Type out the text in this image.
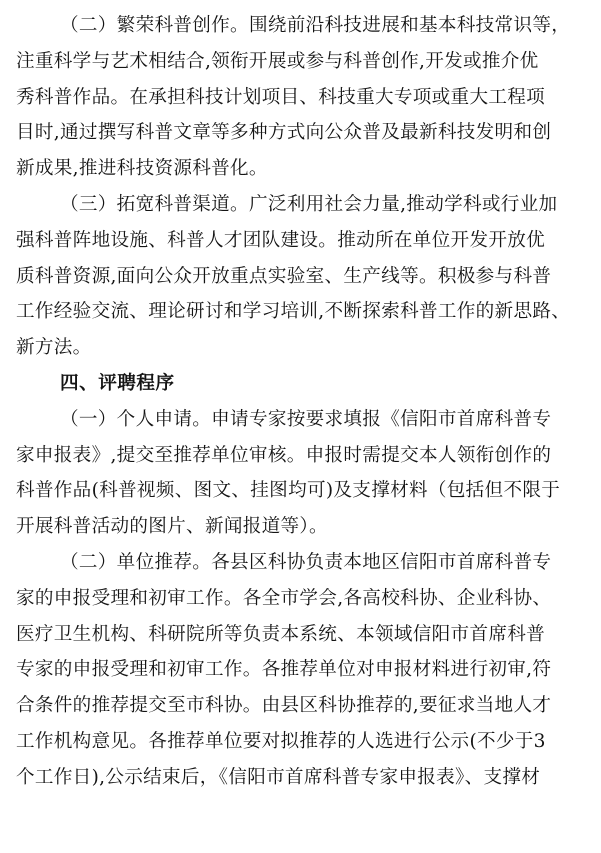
（二）繁荣科普创作。围绕前沿科技进展和基本科技常识等，
注重科学与艺术相结合,领衔开展或参与科普创作,开发或推介优
秀科普作品。在承担科技计划项目、科技重大专项或重大工程项
目时,通过撰写科普文章等多种方式向公众普及最新科技发明和创
新成果,推进科技资源科普化。

（三）拓宽科普渠道。广泛利用社会力量,推动学科或行业加
强科普阵地设施、科普人才团队建设。推动所在单位开发开放优
质科普资源,面向公众开放重点实验室、生产线等。积极参与科普
工作经验交流、理论研讨和学习培训,不断探索科普工作的新思路、
新方法。

四、评聘程序

（一）个人申请。申请专家按要求填报《信阳市首席科普专
家申报表》,提交至推荐单位审核。申报时需提交本人领衔创作的
科普作品(科普视频、图文、挂图均可)及支撑材料（包括但不限于
开展科普活动的图片、新闻报道等）。

（二）单位推荐。各县区科协负责本地区信阳市首席科普专
家的申报受理和初审工作。各全市学会,各高校科协、企业科协、
医疗卫生机构、科研院所等负责本系统、本领域信阳市首席科普
专家的申报受理和初审工作。各推荐单位对申报材料进行初审,符
合条件的推荐提交至市科协。由县区科协推荐的,要征求当地人才
工作机构意见。各推荐单位要对拟推荐的人选进行公示(不少于3
个工作日),公示结束后，《信阳市首席科普专家申报表》、支撑材
